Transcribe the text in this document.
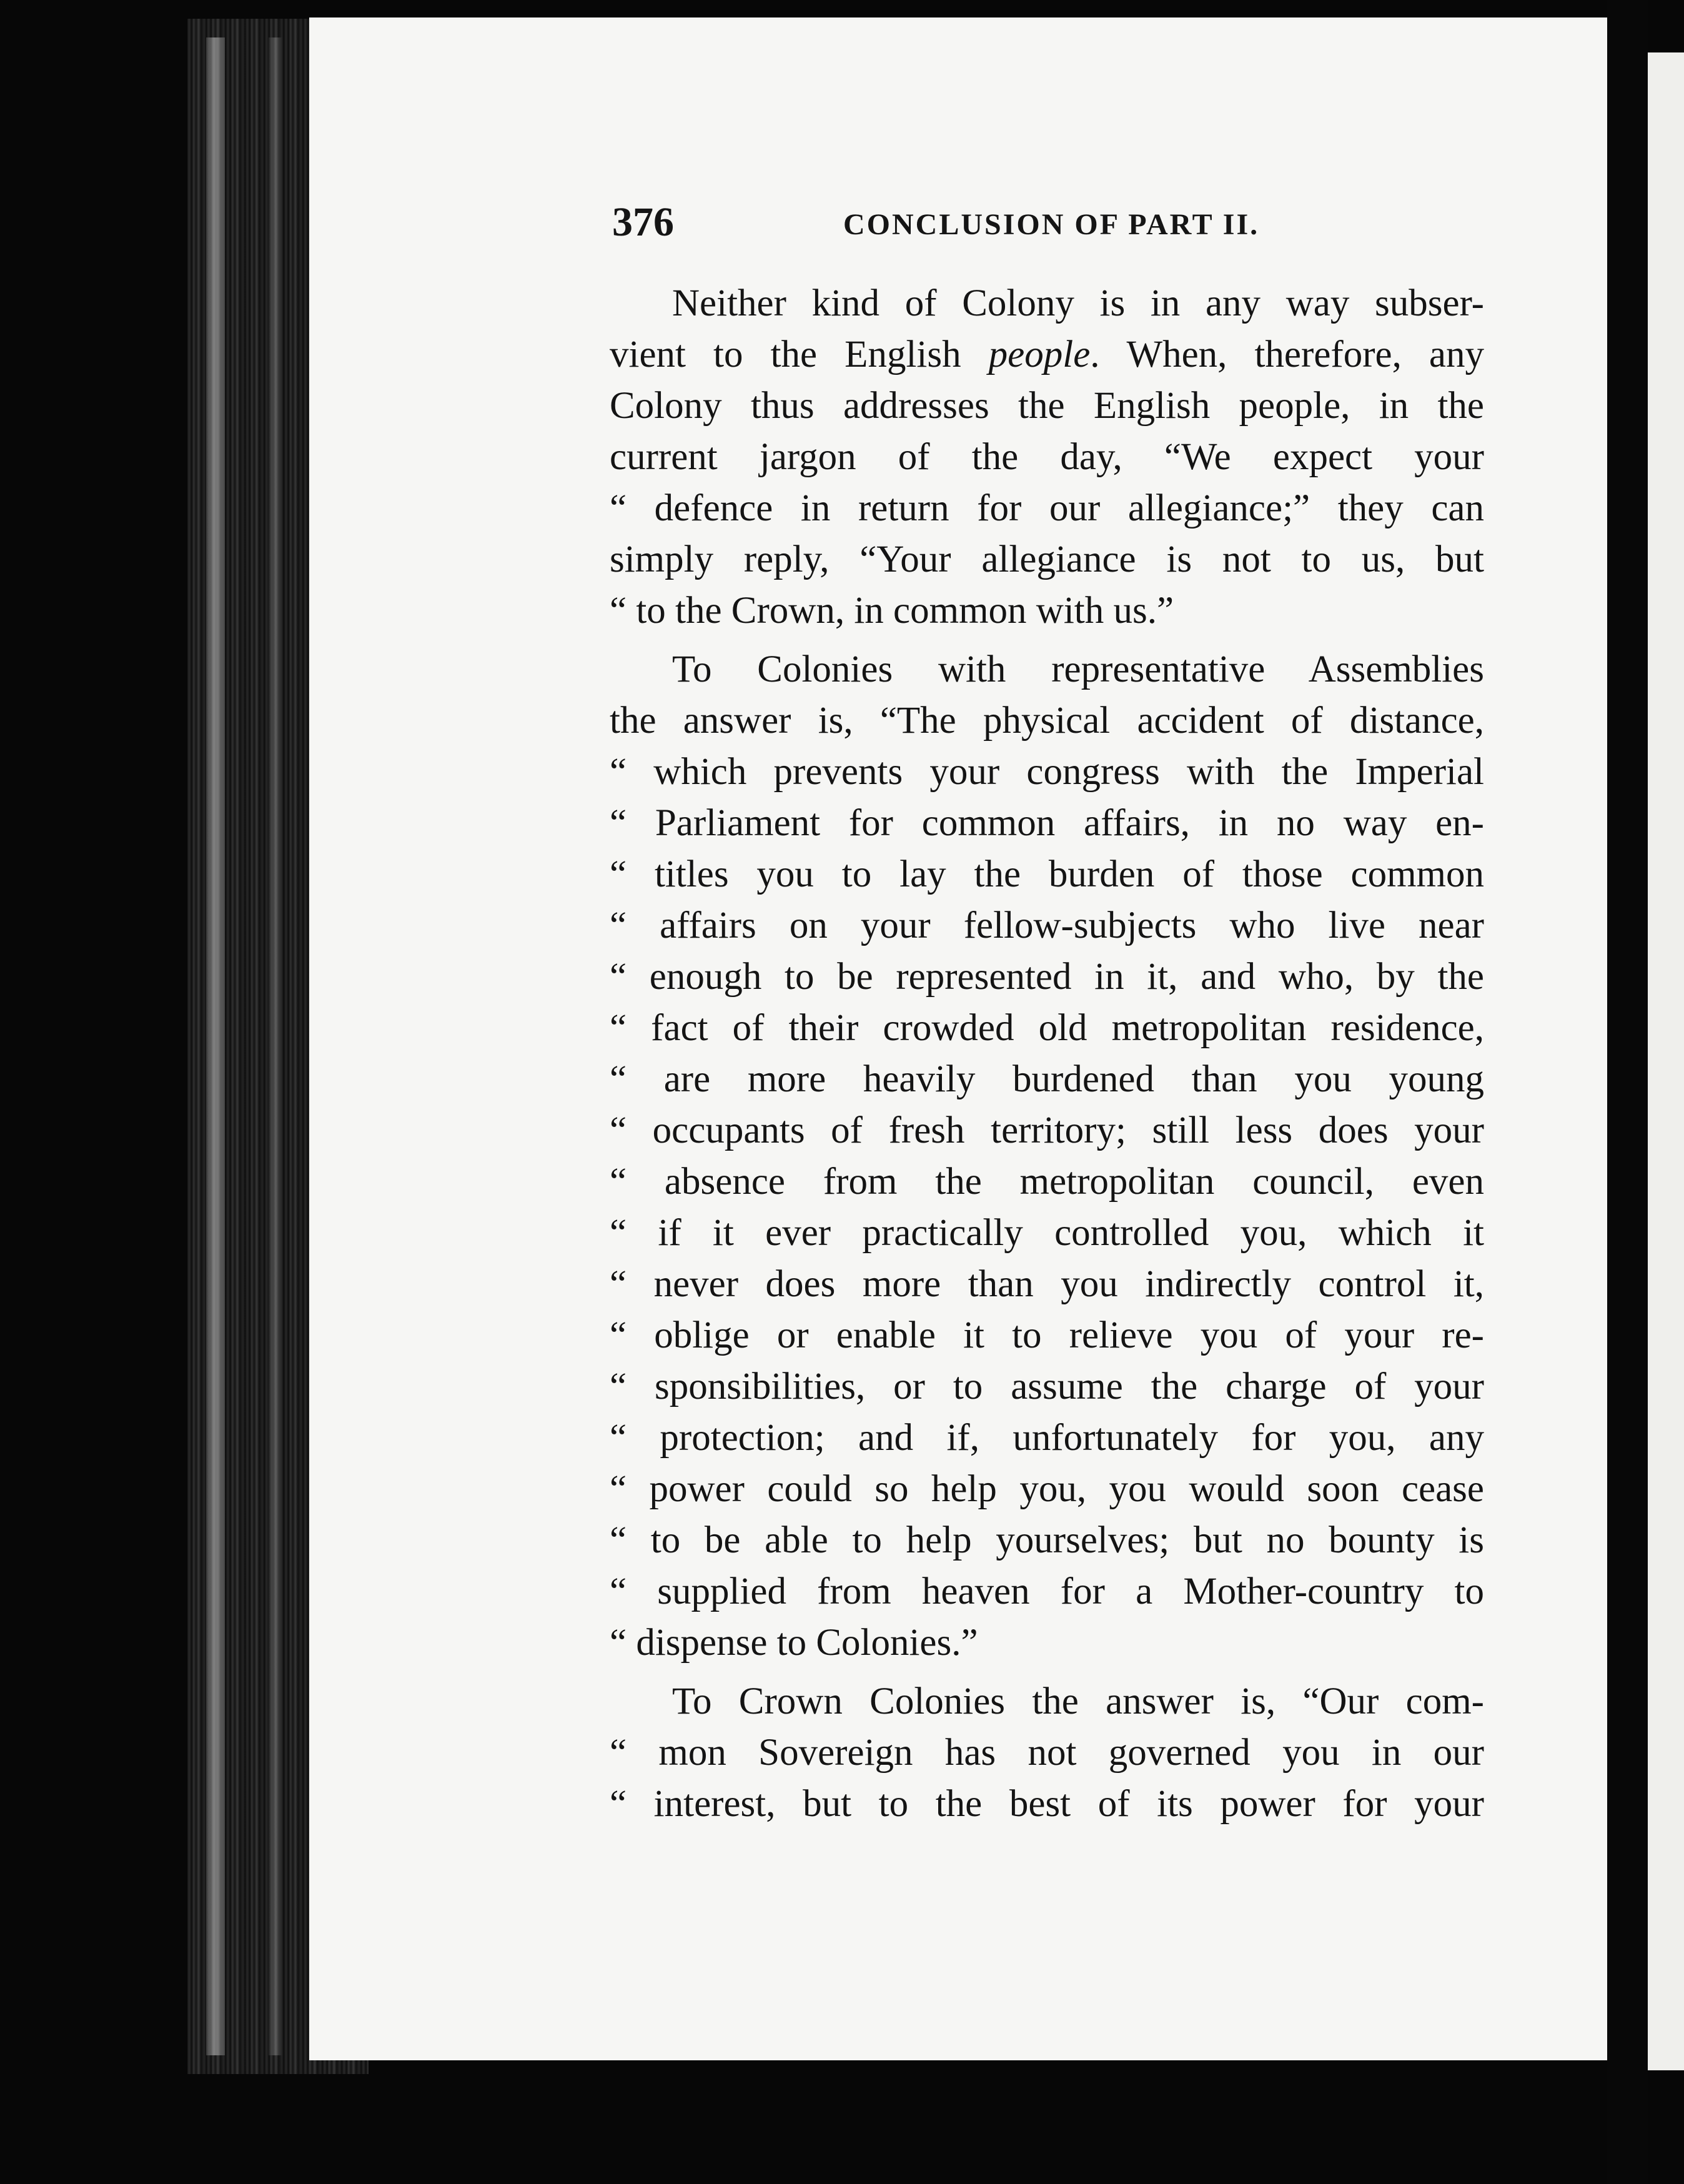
376	CONCLUSION OF PART II.
Neither kind of Colony is in any way subser-
vient to the English people. When, therefore, any
Colony thus addresses the English people, in the
current jargon of the day, “We expect your
“ defence in return for our allegiance;” they can
simply reply, “Your allegiance is not to us, but
“ to the Crown, in common with us.”
To Colonies with representative Assemblies
the answer is, “The physical accident of distance,
“ which prevents your congress with the Imperial
“ Parliament for common affairs, in no way en-
“ titles you to lay the burden of those common
“ affairs on your fellow-subjects who live near
“ enough to be represented in it, and who, by the
“ fact of their crowded old metropolitan residence,
“ are more heavily burdened than you young
“ occupants of fresh territory; still less does your
“ absence from the metropolitan council, even
“ if it ever practically controlled you, which it
“ never does more than you indirectly control it,
“ oblige or enable it to relieve you of your re-
“ sponsibilities, or to assume the charge of your
“ protection; and if, unfortunately for you, any
“ power could so help you, you would soon cease
“ to be able to help yourselves; but no bounty is
“ supplied from heaven for a Mother-country to
“ dispense to Colonies.”
To Crown Colonies the answer is, “Our com-
“ mon Sovereign has not governed you in our
“ interest, but to the best of its power for your
